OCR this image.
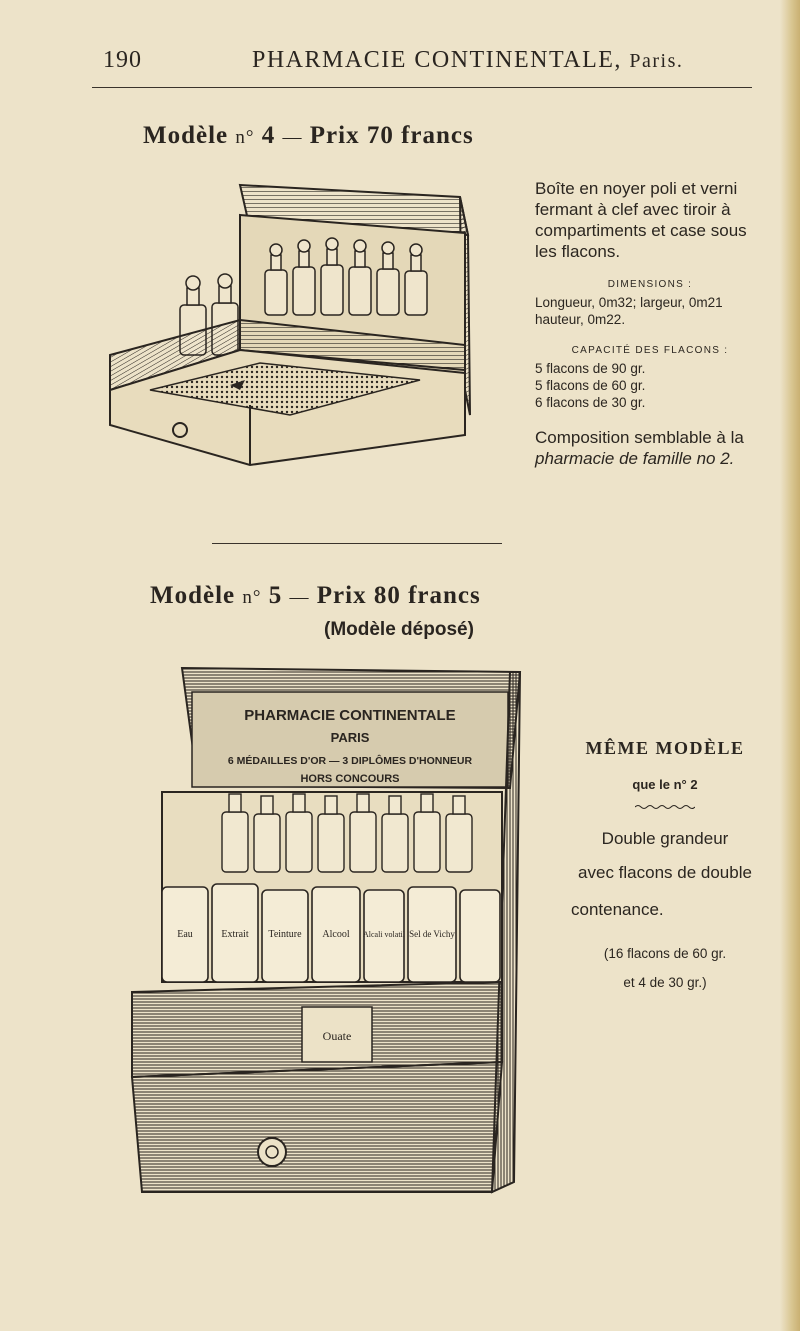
190	PHARMACIE CONTINENTALE, Paris.
Modèle n° 4 — Prix 70 francs

Boîte en noyer poli et verni fermant à clef avec tiroir à compartiments et case sous les flacons.

DIMENSIONS :

Longueur, 0m32; largeur, 0m21 hauteur, 0m22.

CAPACITÉ DES FLACONS :

5 flacons de 90 gr.

5 flacons de 60 gr.

6 flacons de 30 gr.

Composition semblable à la pharmacie de famille no 2.

Modèle n° 5 — Prix 80 francs
(Modèle déposé)
PHARMACIE CONTINENTALE
PARIS
6 MÉDAILLES D'OR — 3 DIPLÔMES D'HONNEUR
HORS CONCOURS
Eau	Extrait Teinture Alcool Alcali volatil Sel de Vichy
Ouate
MÊME MODÈLE
que le n° 2
Double grandeur
avec flacons de double
contenance.
(16 flacons de 60 gr.
et 4 de 30 gr.)
